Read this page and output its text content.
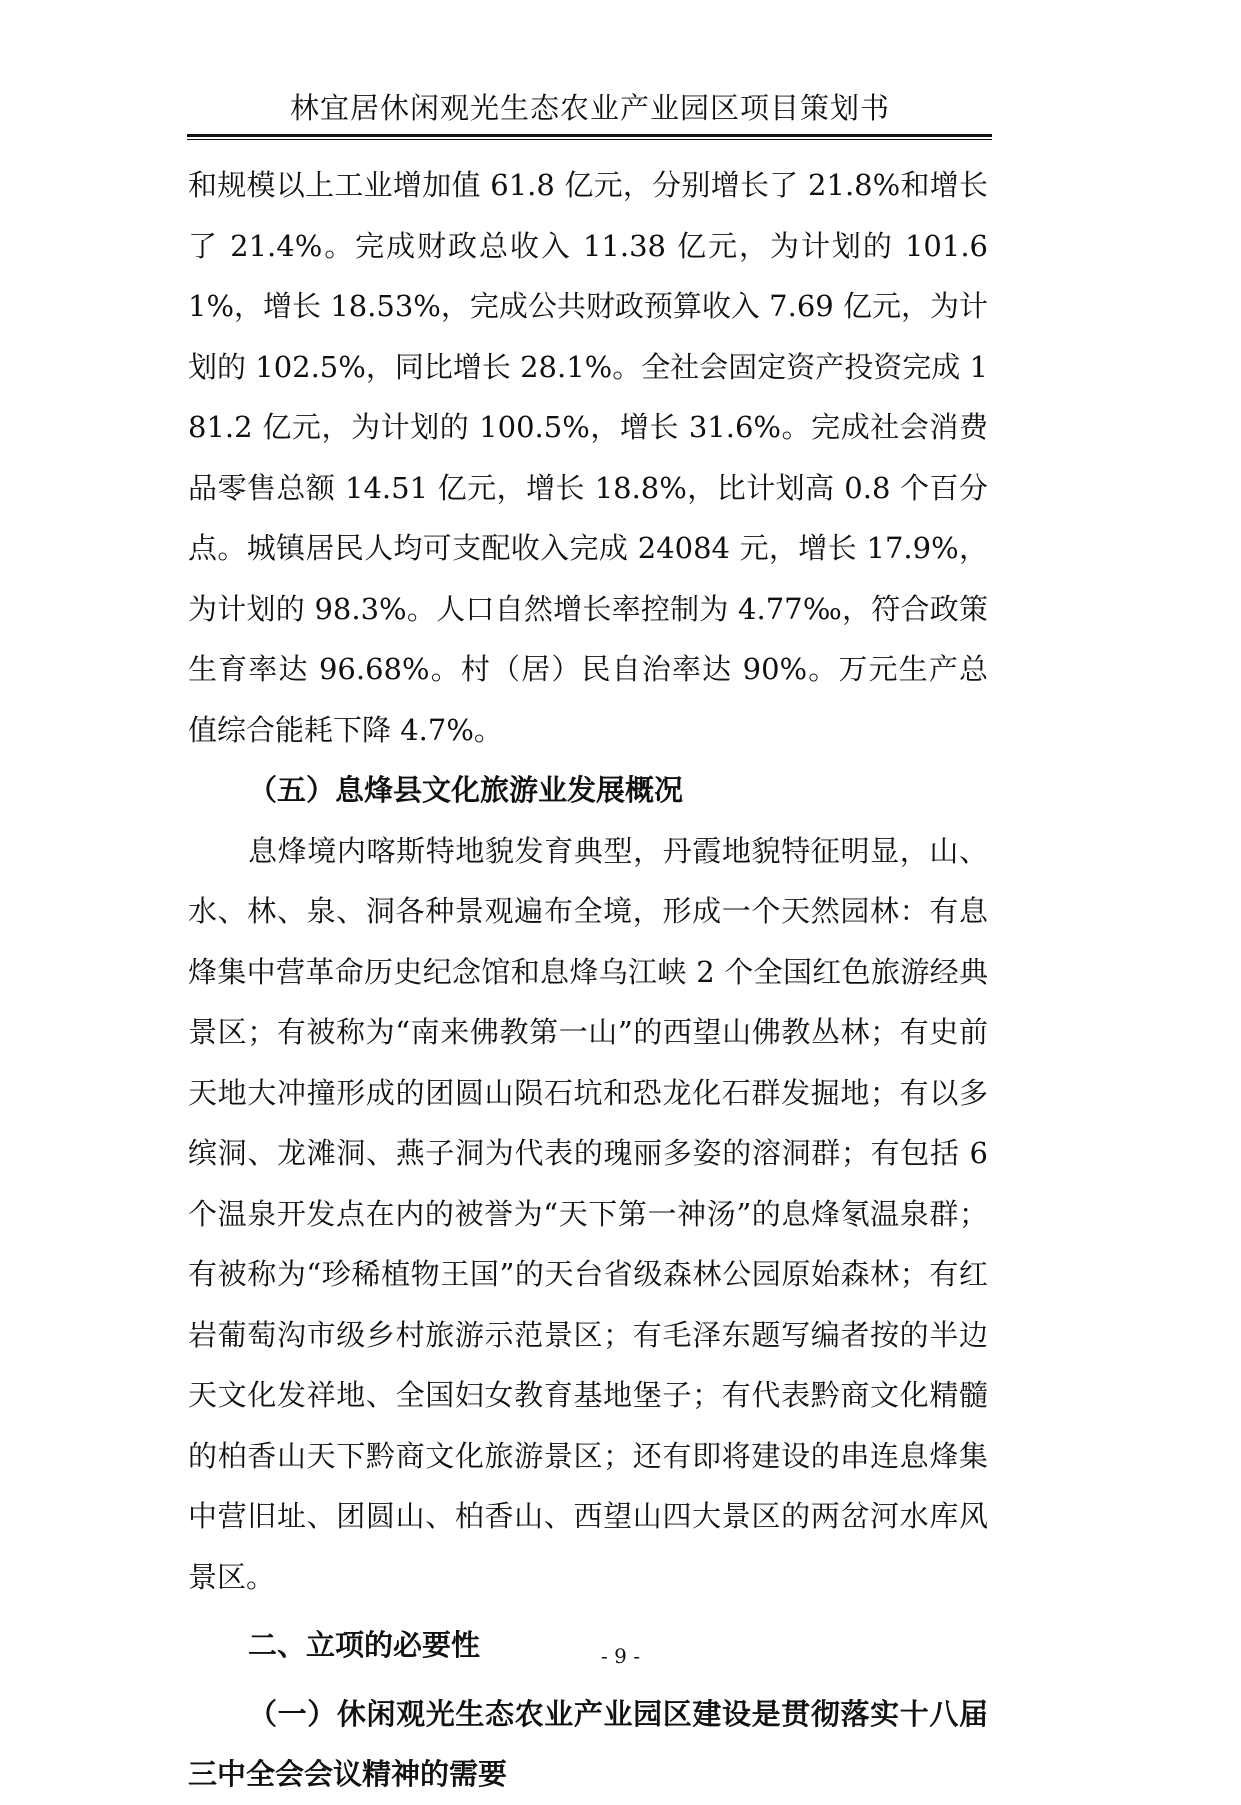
林宜居休闲观光生态农业产业园区项目策划书

和规模以上工业增加值 61.8 亿元，分别增长了 21.8%和增长了 21.4%。完成财政总收入 11.38 亿元，为计划的 101.61%，增长 18.53%，完成公共财政预算收入 7.69 亿元，为计划的 102.5%，同比增长 28.1%。全社会固定资产投资完成 181.2 亿元，为计划的 100.5%，增长 31.6%。完成社会消费品零售总额 14.51 亿元，增长 18.8%，比计划高 0.8 个百分点。城镇居民人均可支配收入完成 24084 元，增长 17.9%，为计划的 98.3%。人口自然增长率控制为 4.77‰，符合政策生育率达 96.68%。村（居）民自治率达 90%。万元生产总值综合能耗下降 4.7%。

（五）息烽县文化旅游业发展概况

息烽境内喀斯特地貌发育典型，丹霞地貌特征明显，山、水、林、泉、洞各种景观遍布全境，形成一个天然园林：有息烽集中营革命历史纪念馆和息烽乌江峡 2 个全国红色旅游经典景区；有被称为“南来佛教第一山”的西望山佛教丛林；有史前天地大冲撞形成的团圆山陨石坑和恐龙化石群发掘地；有以多缤洞、龙滩洞、燕子洞为代表的瑰丽多姿的溶洞群；有包括 6 个温泉开发点在内的被誉为“天下第一神汤”的息烽氡温泉群；有被称为“珍稀植物王国”的天台省级森林公园原始森林；有红岩葡萄沟市级乡村旅游示范景区；有毛泽东题写编者按的半边天文化发祥地、全国妇女教育基地堡子；有代表黔商文化精髓的柏香山天下黔商文化旅游景区；还有即将建设的串连息烽集中营旧址、团圆山、柏香山、西望山四大景区的两岔河水库风景区。

二、立项的必要性

（一）休闲观光生态农业产业园区建设是贯彻落实十八届三中全会会议精神的需要

- 9 -
